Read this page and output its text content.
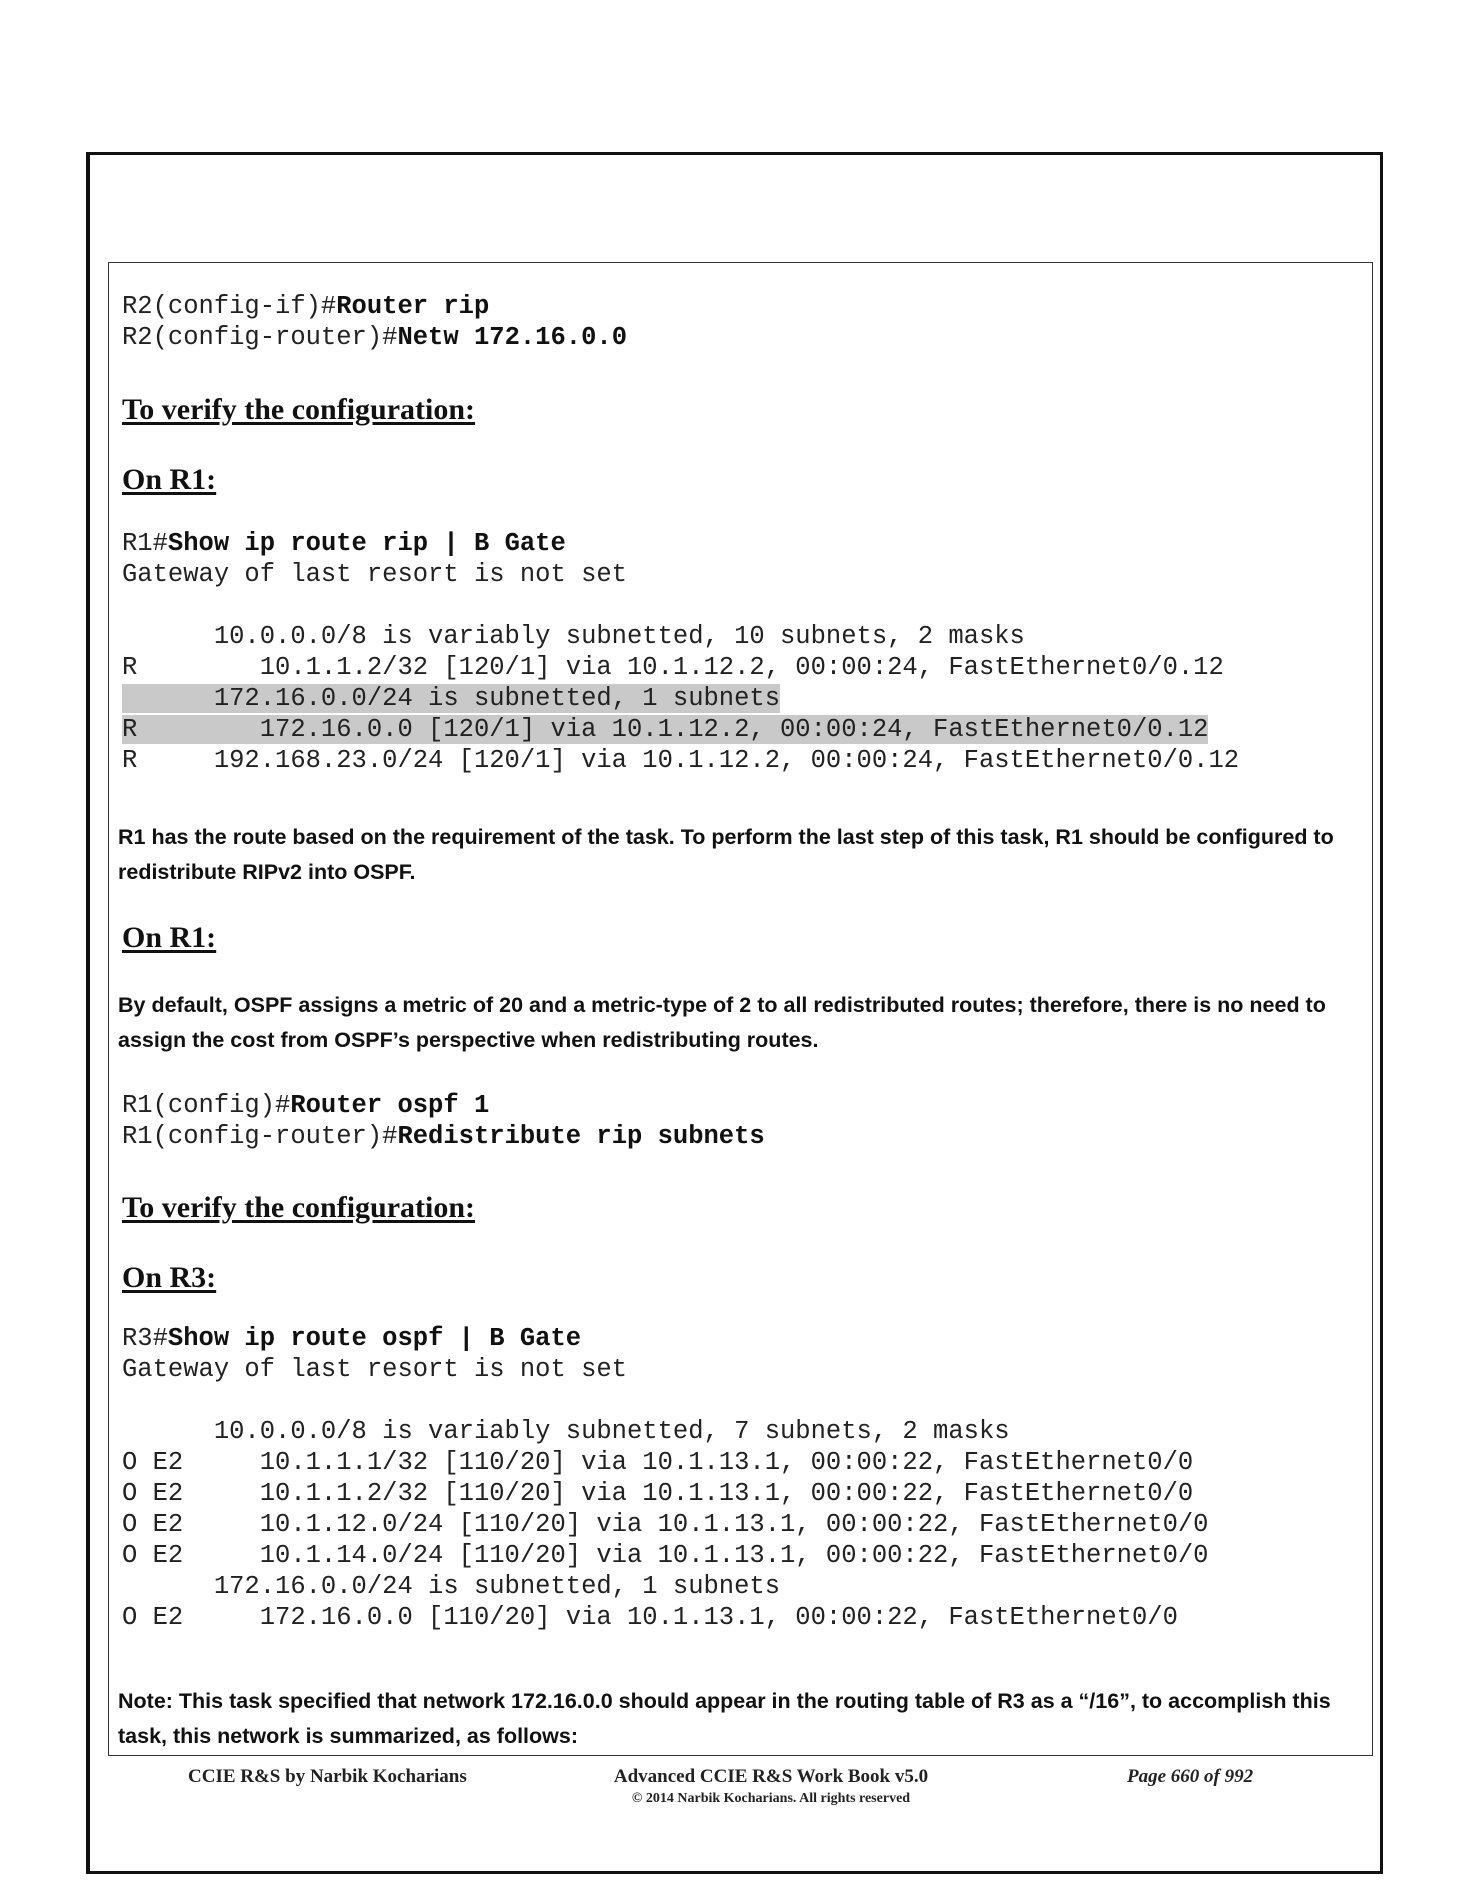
R2(config-if)#Router rip
R2(config-router)#Netw 172.16.0.0
To verify the configuration:
On R1:
R1#Show ip route rip | B Gate
Gateway of last resort is not set

10.0.0.0/8 is variably subnetted, 10 subnets, 2 masks
R        10.1.1.2/32 [120/1] via 10.1.12.2, 00:00:24, FastEthernet0/0.12
172.16.0.0/24 is subnetted, 1 subnets
R        172.16.0.0 [120/1] via 10.1.12.2, 00:00:24, FastEthernet0/0.12
R     192.168.23.0/24 [120/1] via 10.1.12.2, 00:00:24, FastEthernet0/0.12

R1 has the route based on the requirement of the task. To perform the last step of this task, R1 should be configured to redistribute RIPv2 into OSPF.

On R1:

By default, OSPF assigns a metric of 20 and a metric-type of 2 to all redistributed routes; therefore, there is no need to assign the cost from OSPF’s perspective when redistributing routes.

R1(config)#Router ospf 1
R1(config-router)#Redistribute rip subnets
To verify the configuration:
On R3:
R3#Show ip route ospf | B Gate
Gateway of last resort is not set

10.0.0.0/8 is variably subnetted, 7 subnets, 2 masks
O E2     10.1.1.1/32 [110/20] via 10.1.13.1, 00:00:22, FastEthernet0/0
O E2     10.1.1.2/32 [110/20] via 10.1.13.1, 00:00:22, FastEthernet0/0
O E2     10.1.12.0/24 [110/20] via 10.1.13.1, 00:00:22, FastEthernet0/0
O E2     10.1.14.0/24 [110/20] via 10.1.13.1, 00:00:22, FastEthernet0/0
172.16.0.0/24 is subnetted, 1 subnets
O E2     172.16.0.0 [110/20] via 10.1.13.1, 00:00:22, FastEthernet0/0

Note: This task specified that network 172.16.0.0 should appear in the routing table of R3 as a “/16”, to accomplish this task, this network is summarized, as follows:

CCIE R&S by Narbik Kocharians	Advanced CCIE R&S Work Book v5.0
© 2014 Narbik Kocharians. All rights reserved
Page 660 of 992
